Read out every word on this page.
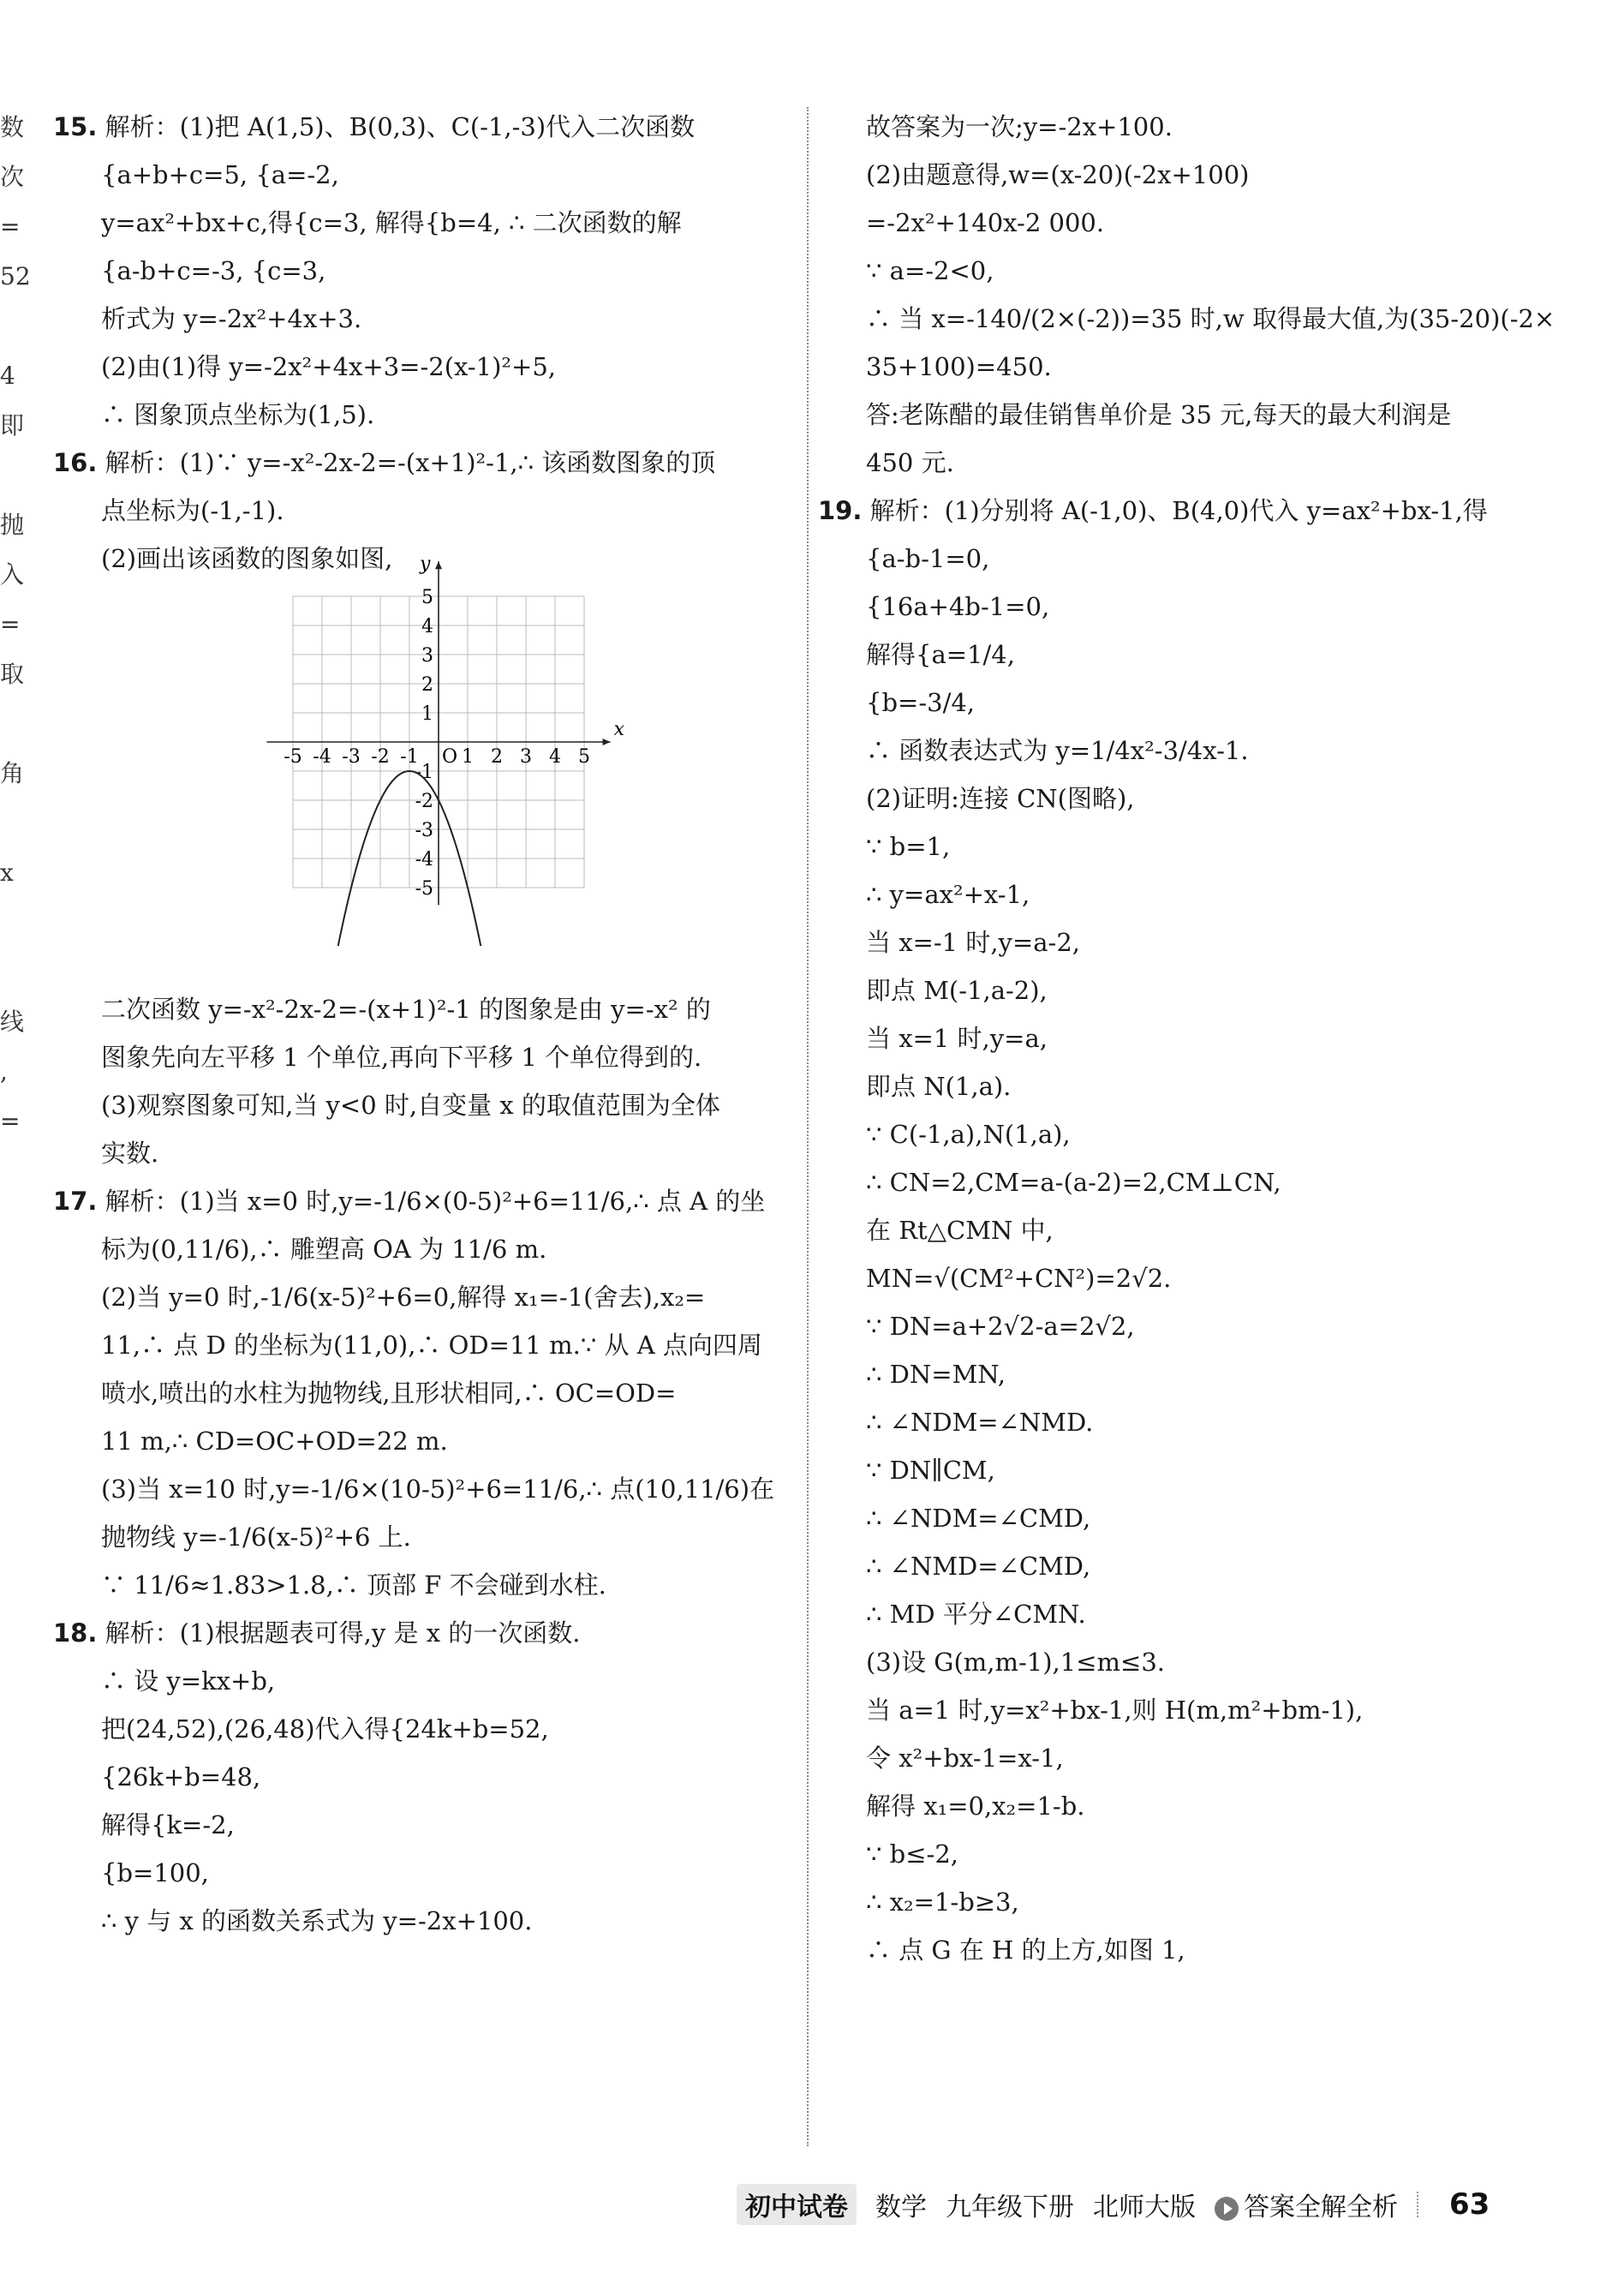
数
次
=
52
4
即
抛
入
=
取
角
x
线
,
=
15. 解析：(1)把 A(1,5)、B(0,3)、C(-1,-3)代入二次函数
{a+b+c=5, {a=-2,
y=ax²+bx+c,得{c=3, 解得{b=4, ∴ 二次函数的解
{a-b+c=-3, {c=3,
析式为 y=-2x²+4x+3.
(2)由(1)得 y=-2x²+4x+3=-2(x-1)²+5,
∴ 图象顶点坐标为(1,5).
16. 解析：(1)∵ y=-x²-2x-2=-(x+1)²-1,∴ 该函数图象的顶
点坐标为(-1,-1).
(2)画出该函数的图象如图,
-5 -4 -3 -2 -1 1 2 3 4 5
-5
-4
-3
-2
-1
1
2
3
4
5
O
x
y
二次函数 y=-x²-2x-2=-(x+1)²-1 的图象是由 y=-x² 的
图象先向左平移 1 个单位,再向下平移 1 个单位得到的.
(3)观察图象可知,当 y<0 时,自变量 x 的取值范围为全体
实数.
17. 解析：(1)当 x=0 时,y=-1/6×(0-5)²+6=11/6,∴ 点 A 的坐
标为(0,11/6),∴ 雕塑高 OA 为 11/6 m.
(2)当 y=0 时,-1/6(x-5)²+6=0,解得 x₁=-1(舍去),x₂=
11,∴ 点 D 的坐标为(11,0),∴ OD=11 m.∵ 从 A 点向四周
喷水,喷出的水柱为抛物线,且形状相同,∴ OC=OD=
11 m,∴ CD=OC+OD=22 m.
(3)当 x=10 时,y=-1/6×(10-5)²+6=11/6,∴ 点(10,11/6)在
抛物线 y=-1/6(x-5)²+6 上.
∵ 11/6≈1.83>1.8,∴ 顶部 F 不会碰到水柱.
18. 解析：(1)根据题表可得,y 是 x 的一次函数.
∴ 设 y=kx+b,
把(24,52),(26,48)代入得{24k+b=52,
{26k+b=48,
解得{k=-2,
{b=100,
∴ y 与 x 的函数关系式为 y=-2x+100.
故答案为一次;y=-2x+100.
(2)由题意得,w=(x-20)(-2x+100)
=-2x²+140x-2 000.
∵ a=-2<0,
∴ 当 x=-140/(2×(-2))=35 时,w 取得最大值,为(35-20)(-2×
35+100)=450.
答:老陈醋的最佳销售单价是 35 元,每天的最大利润是
450 元.
19. 解析：(1)分别将 A(-1,0)、B(4,0)代入 y=ax²+bx-1,得
{a-b-1=0,
{16a+4b-1=0,
解得{a=1/4,
{b=-3/4,
∴ 函数表达式为 y=1/4x²-3/4x-1.
(2)证明:连接 CN(图略),
∵ b=1,
∴ y=ax²+x-1,
当 x=-1 时,y=a-2,
即点 M(-1,a-2),
当 x=1 时,y=a,
即点 N(1,a).
∵ C(-1,a),N(1,a),
∴ CN=2,CM=a-(a-2)=2,CM⊥CN,
在 Rt△CMN 中,
MN=√(CM²+CN²)=2√2.
∵ DN=a+2√2-a=2√2,
∴ DN=MN,
∴ ∠NDM=∠NMD.
∵ DN∥CM,
∴ ∠NDM=∠CMD,
∴ ∠NMD=∠CMD,
∴ MD 平分∠CMN.
(3)设 G(m,m-1),1≤m≤3.
当 a=1 时,y=x²+bx-1,则 H(m,m²+bm-1),
令 x²+bx-1=x-1,
解得 x₁=0,x₂=1-b.
∵ b≤-2,
∴ x₂=1-b≥3,
∴ 点 G 在 H 的上方,如图 1,
初中试卷	数学 九年级下册 北师大版	答案全解全析 63
